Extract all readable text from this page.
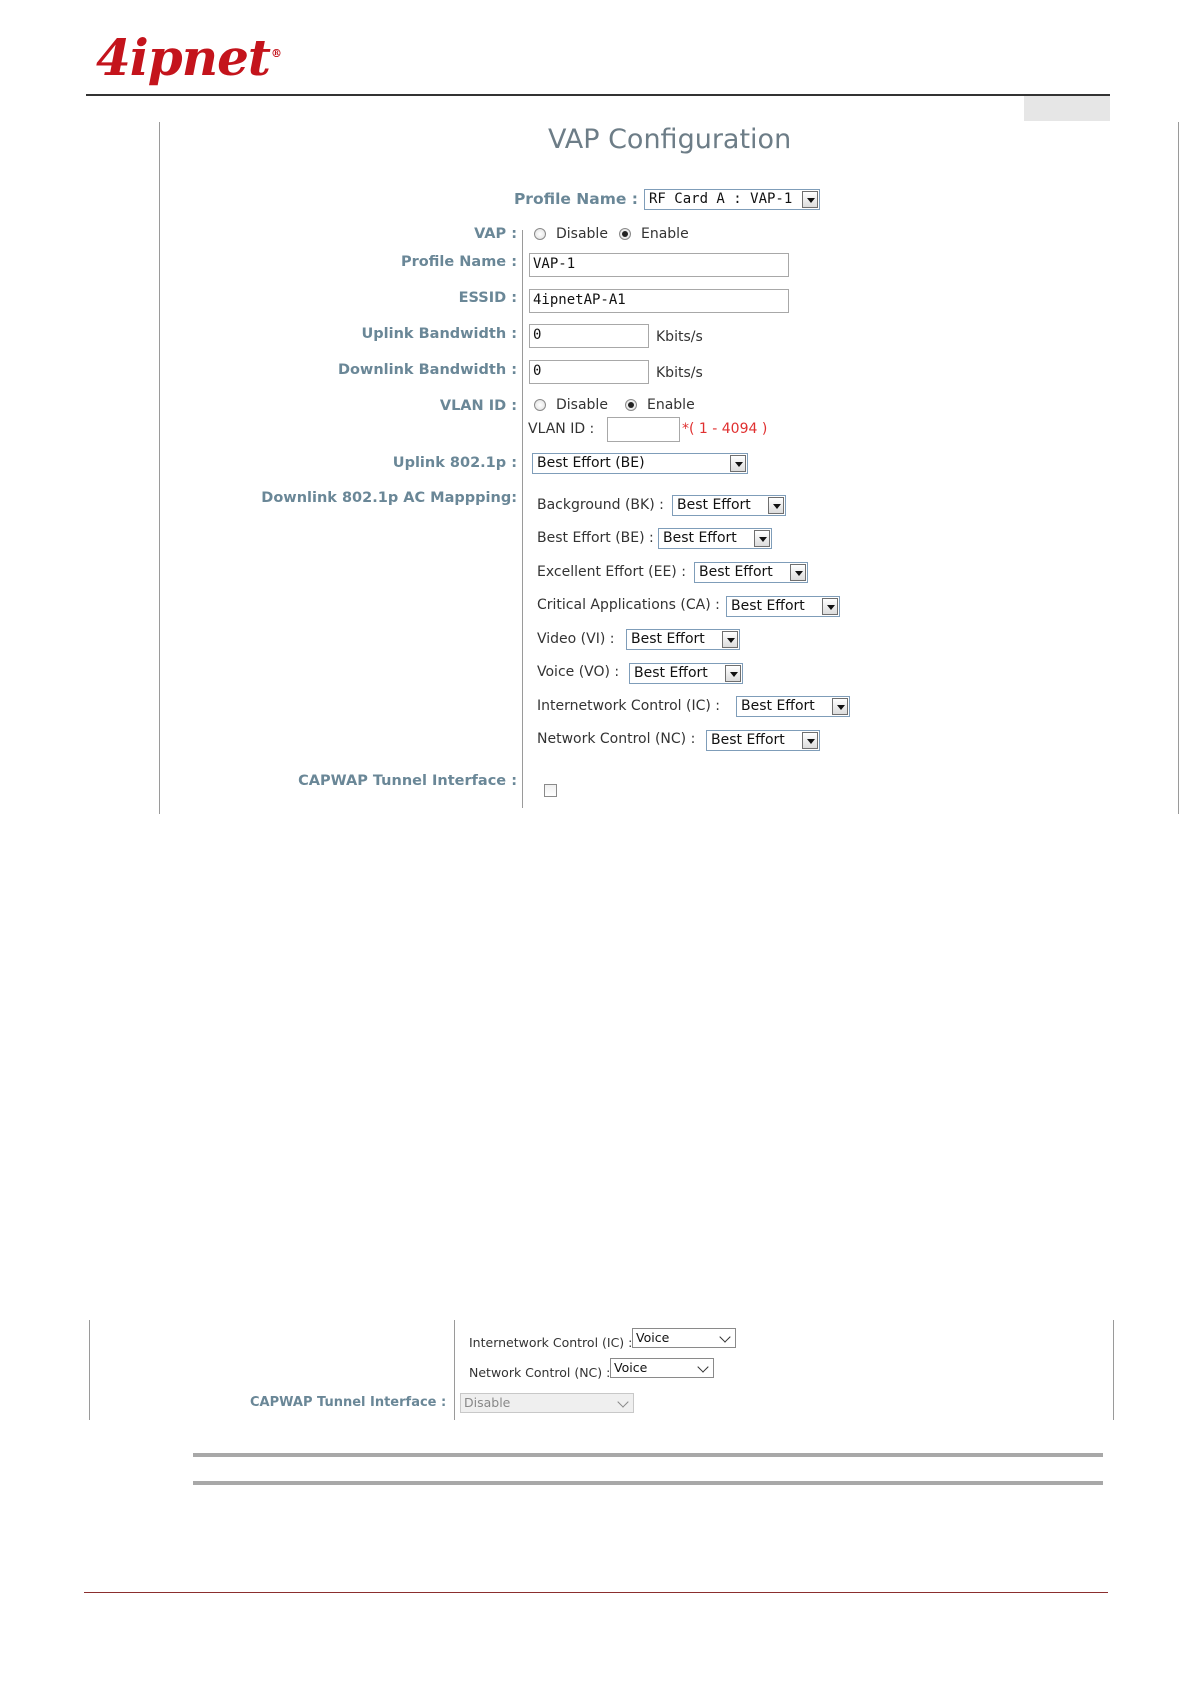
4ipnet®
VAP Configuration
Profile Name : RF Card A : VAP-1
VAP :	Disable Enable
Profile Name : VAP-1
ESSID : 4ipnetAP-A1
Uplink Bandwidth : 0	Kbits/s
Downlink Bandwidth : 0	Kbits/s
VLAN ID :	Disable	Enable
VLAN ID :	*( 1 - 4094 )
Uplink 802.1p :	Best Effort (BE)
Downlink 802.1p AC Mappping: Background (BK) : Best Effort
Best Effort (BE) : Best Effort
Excellent Effort (EE) : Best Effort
Critical Applications (CA) : Best Effort
Video (VI) :	Best Effort
Voice (VO) :	Best Effort
Internetwork Control (IC) :	Best Effort
Network Control (NC) :	Best Effort
CAPWAP Tunnel Interface :
Internetwork Control (IC) : Voice
Network Control (NC) : Voice
CAPWAP Tunnel Interface :	Disable
